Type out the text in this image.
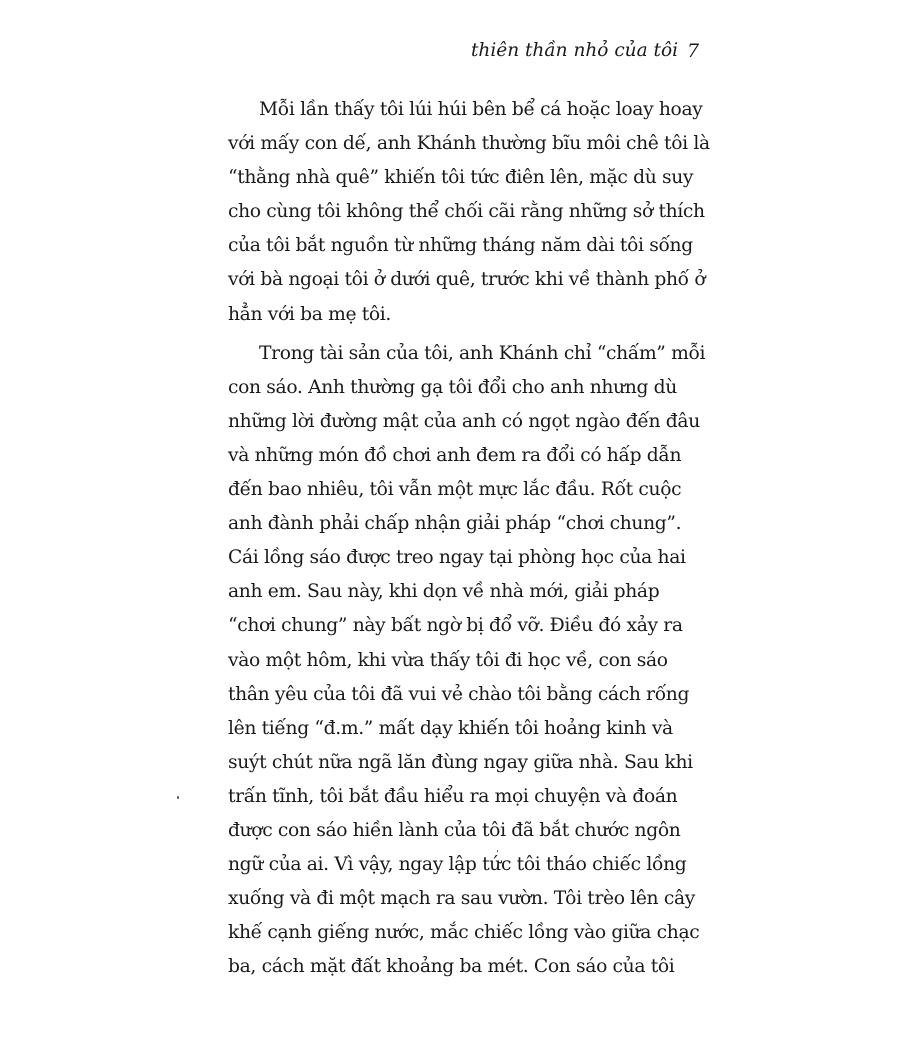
thiên thần nhỏ của tôi 7
Mỗi lần thấy tôi lúi húi bên bể cá hoặc loay hoay
với mấy con dế, anh Khánh thường bĩu môi chê tôi là
“thằng nhà quê” khiến tôi tức điên lên, mặc dù suy
cho cùng tôi không thể chối cãi rằng những sở thích
của tôi bắt nguồn từ những tháng năm dài tôi sống
với bà ngoại tôi ở dưới quê, trước khi về thành phố ở
hẳn với ba mẹ tôi.
Trong tài sản của tôi, anh Khánh chỉ “chấm” mỗi
con sáo. Anh thường gạ tôi đổi cho anh nhưng dù
những lời đường mật của anh có ngọt ngào đến đâu
và những món đồ chơi anh đem ra đổi có hấp dẫn
đến bao nhiêu, tôi vẫn một mực lắc đầu. Rốt cuộc
anh đành phải chấp nhận giải pháp “chơi chung”.
Cái lồng sáo được treo ngay tại phòng học của hai
anh em. Sau này, khi dọn về nhà mới, giải pháp
“chơi chung” này bất ngờ bị đổ vỡ. Điều đó xảy ra
vào một hôm, khi vừa thấy tôi đi học về, con sáo
thân yêu của tôi đã vui vẻ chào tôi bằng cách rống
lên tiếng “đ.m.” mất dạy khiến tôi hoảng kinh và
suýt chút nữa ngã lăn đùng ngay giữa nhà. Sau khi
trấn tĩnh, tôi bắt đầu hiểu ra mọi chuyện và đoán
được con sáo hiền lành của tôi đã bắt chước ngôn
ngữ của ai. Vì vậy, ngay lập tức tôi tháo chiếc lồng
xuống và đi một mạch ra sau vườn. Tôi trèo lên cây
khế cạnh giếng nước, mắc chiếc lồng vào giữa chạc
ba, cách mặt đất khoảng ba mét. Con sáo của tôi
